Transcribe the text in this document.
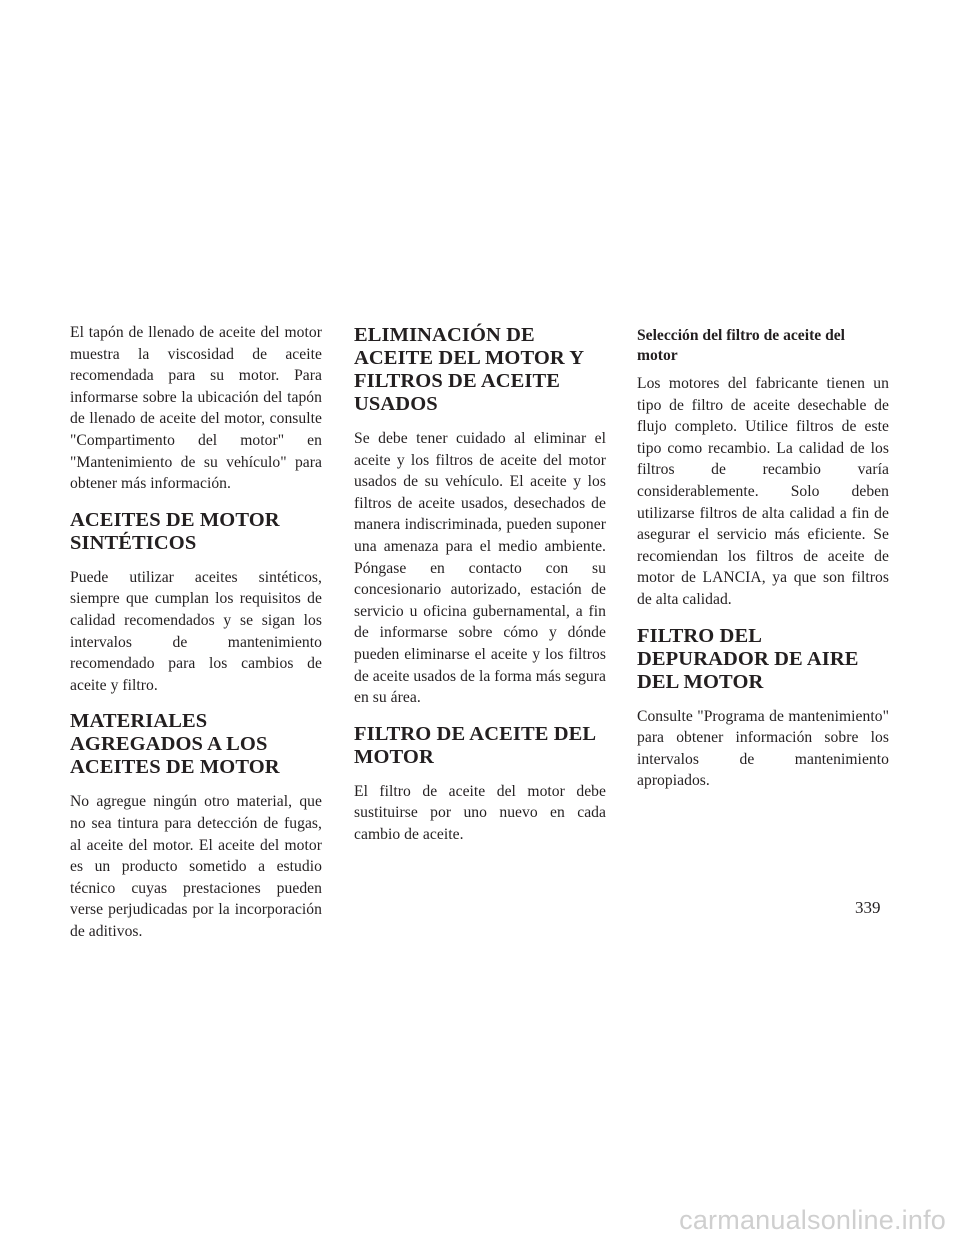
El tapón de llenado de aceite del motor muestra la viscosidad de aceite recomendada para su motor. Para informarse sobre la ubicación del tapón de llenado de aceite del motor, consulte "Compartimento del motor" en "Mantenimiento de su vehículo" para obtener más información.

ACEITES DE MOTOR SINTÉTICOS

Puede utilizar aceites sintéticos, siempre que cumplan los requisitos de calidad recomendados y se sigan los intervalos de mantenimiento recomendado para los cambios de aceite y filtro.

MATERIALES AGREGADOS A LOS ACEITES DE MOTOR

No agregue ningún otro material, que no sea tintura para detección de fugas, al aceite del motor. El aceite del motor es un producto sometido a estudio técnico cuyas prestaciones pueden verse perjudicadas por la incorporación de aditivos.

ELIMINACIÓN DE ACEITE DEL MOTOR Y FILTROS DE ACEITE USADOS

Se debe tener cuidado al eliminar el aceite y los filtros de aceite del motor usados de su vehículo. El aceite y los filtros de aceite usados, desechados de manera indiscriminada, pueden suponer una amenaza para el medio ambiente. Póngase en contacto con su concesionario autorizado, estación de servicio u oficina gubernamental, a fin de informarse sobre cómo y dónde pueden eliminarse el aceite y los filtros de aceite usados de la forma más segura en su área.

FILTRO DE ACEITE DEL MOTOR

El filtro de aceite del motor debe sustituirse por uno nuevo en cada cambio de aceite.

Selección del filtro de aceite del motor

Los motores del fabricante tienen un tipo de filtro de aceite desechable de flujo completo. Utilice filtros de este tipo como recambio. La calidad de los filtros de recambio varía considerablemente. Solo deben utilizarse filtros de alta calidad a fin de asegurar el servicio más eficiente. Se recomiendan los filtros de aceite de motor de LANCIA, ya que son filtros de alta calidad.

FILTRO DEL DEPURADOR DE AIRE DEL MOTOR

Consulte "Programa de mantenimiento" para obtener información sobre los intervalos de mantenimiento apropiados.

339
carmanualsonline.info
